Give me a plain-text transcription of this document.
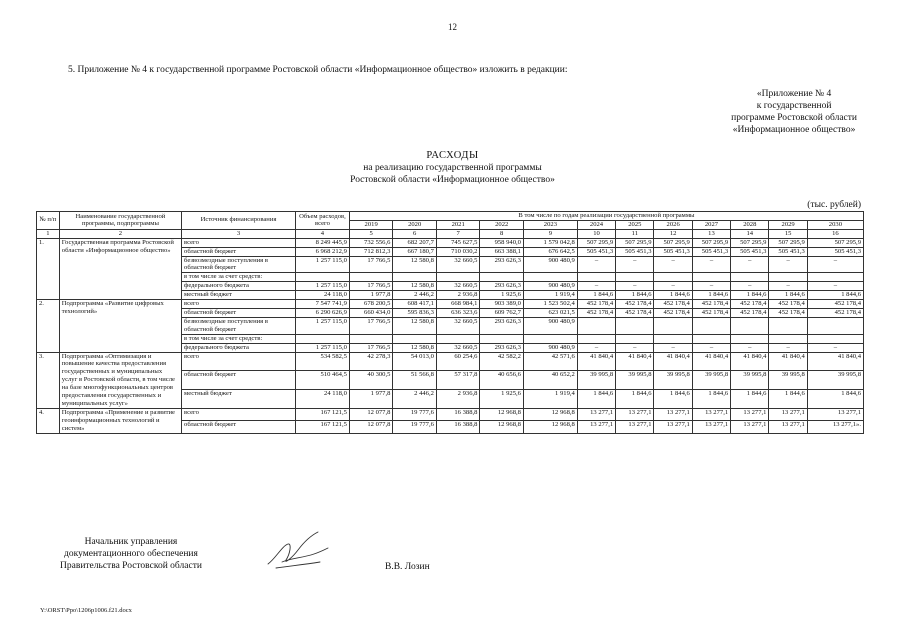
12
5. Приложение № 4 к государственной программе Ростовской области «Информационное общество» изложить в редакции:
«Приложение № 4
к государственной
программе Ростовской области
«Информационное общество»
РАСХОДЫ
на реализацию государственной программы
Ростовской области «Информационное общество»
(тыс. рублей)
№ п/п	Наименование государственной программы, подпрограммы	Источник финансирования	Объем расходов, всего	В том числе по годам реализации государственной программы											
				2019	2020	2021	2022	2023	2024	2025	2026	2027	2028	2029	2030
1	2	3	4	5	6	7	8	9	10	11	12	13	14	15	16
1.	Государственная программа Ростовской области «Информационное общество»	всего	8 249 445,9	732 556,6	682 207,7	745 627,5	958 940,0	1 579 042,8	507 295,9	507 295,9	507 295,9	507 295,9	507 295,9	507 295,9	507 295,9
		областной бюджет	6 968 212,9	712 812,3	667 180,7	710 030,2	663 388,1	676 642,5	505 451,3	505 451,3	505 451,3	505 451,3	505 451,3	505 451,3	505 451,3
		безвозмездные поступления в областной бюджет	1 257 115,0	17 766,5	12 580,8	32 660,5	293 626,3	900 480,9	–	–	–	–	–	–	–
		в том числе за счет средств:													
		федерального бюджета	1 257 115,0	17 766,5	12 580,8	32 660,5	293 626,3	900 480,9	–	–	–	–	–	–	–
		местный бюджет	24 118,0	1 977,8	2 446,2	2 936,8	1 925,6	1 919,4	1 844,6	1 844,6	1 844,6	1 844,6	1 844,6	1 844,6	1 844,6
2.	Подпрограмма «Развитие цифровых технологий»	всего	7 547 741,9	678 200,5	608 417,1	668 984,1	903 389,0	1 523 502,4	452 178,4	452 178,4	452 178,4	452 178,4	452 178,4	452 178,4	452 178,4
		областной бюджет	6 290 626,9	660 434,0	595 836,3	636 323,6	609 762,7	623 021,5	452 178,4	452 178,4	452 178,4	452 178,4	452 178,4	452 178,4	452 178,4
		безвозмездные поступления в областной бюджет	1 257 115,0	17 766,5	12 580,8	32 660,5	293 626,3	900 480,9							
		в том числе за счет средств:													
		федерального бюджета	1 257 115,0	17 766,5	12 580,8	32 660,5	293 626,3	900 480,9	–	–	–	–	–	–	–
3.	Подпрограмма «Оптимизация и повышение качества предоставления государственных и муниципальных услуг в Ростовской области, в том числе на базе многофункциональных центров предоставления государственных и муниципальных услуг»	всего	534 582,5	42 278,3	54 013,0	60 254,6	42 582,2	42 571,6	41 840,4	41 840,4	41 840,4	41 840,4	41 840,4	41 840,4	41 840,4
		областной бюджет	510 464,5	40 300,5	51 566,8	57 317,8	40 656,6	40 652,2	39 995,8	39 995,8	39 995,8	39 995,8	39 995,8	39 995,8	39 995,8
		местный бюджет	24 118,0	1 977,8	2 446,2	2 936,8	1 925,6	1 919,4	1 844,6	1 844,6	1 844,6	1 844,6	1 844,6	1 844,6	1 844,6
4.	Подпрограмма «Применение и развитие геоинформационных технологий и систем»	всего	167 121,5	12 077,8	19 777,6	16 388,8	12 968,8	12 968,8	13 277,1	13 277,1	13 277,1	13 277,1	13 277,1	13 277,1	13 277,1
		областной бюджет	167 121,5	12 077,8	19 777,6	16 388,8	12 968,8	12 968,8	13 277,1	13 277,1	13 277,1	13 277,1	13 277,1	13 277,1	13 277,1».
Начальник управления
документационного обеспечения
Правительства Ростовской области	В.В. Лозин
Y:\ORST\Ppo\1206p1006.f21.docx
